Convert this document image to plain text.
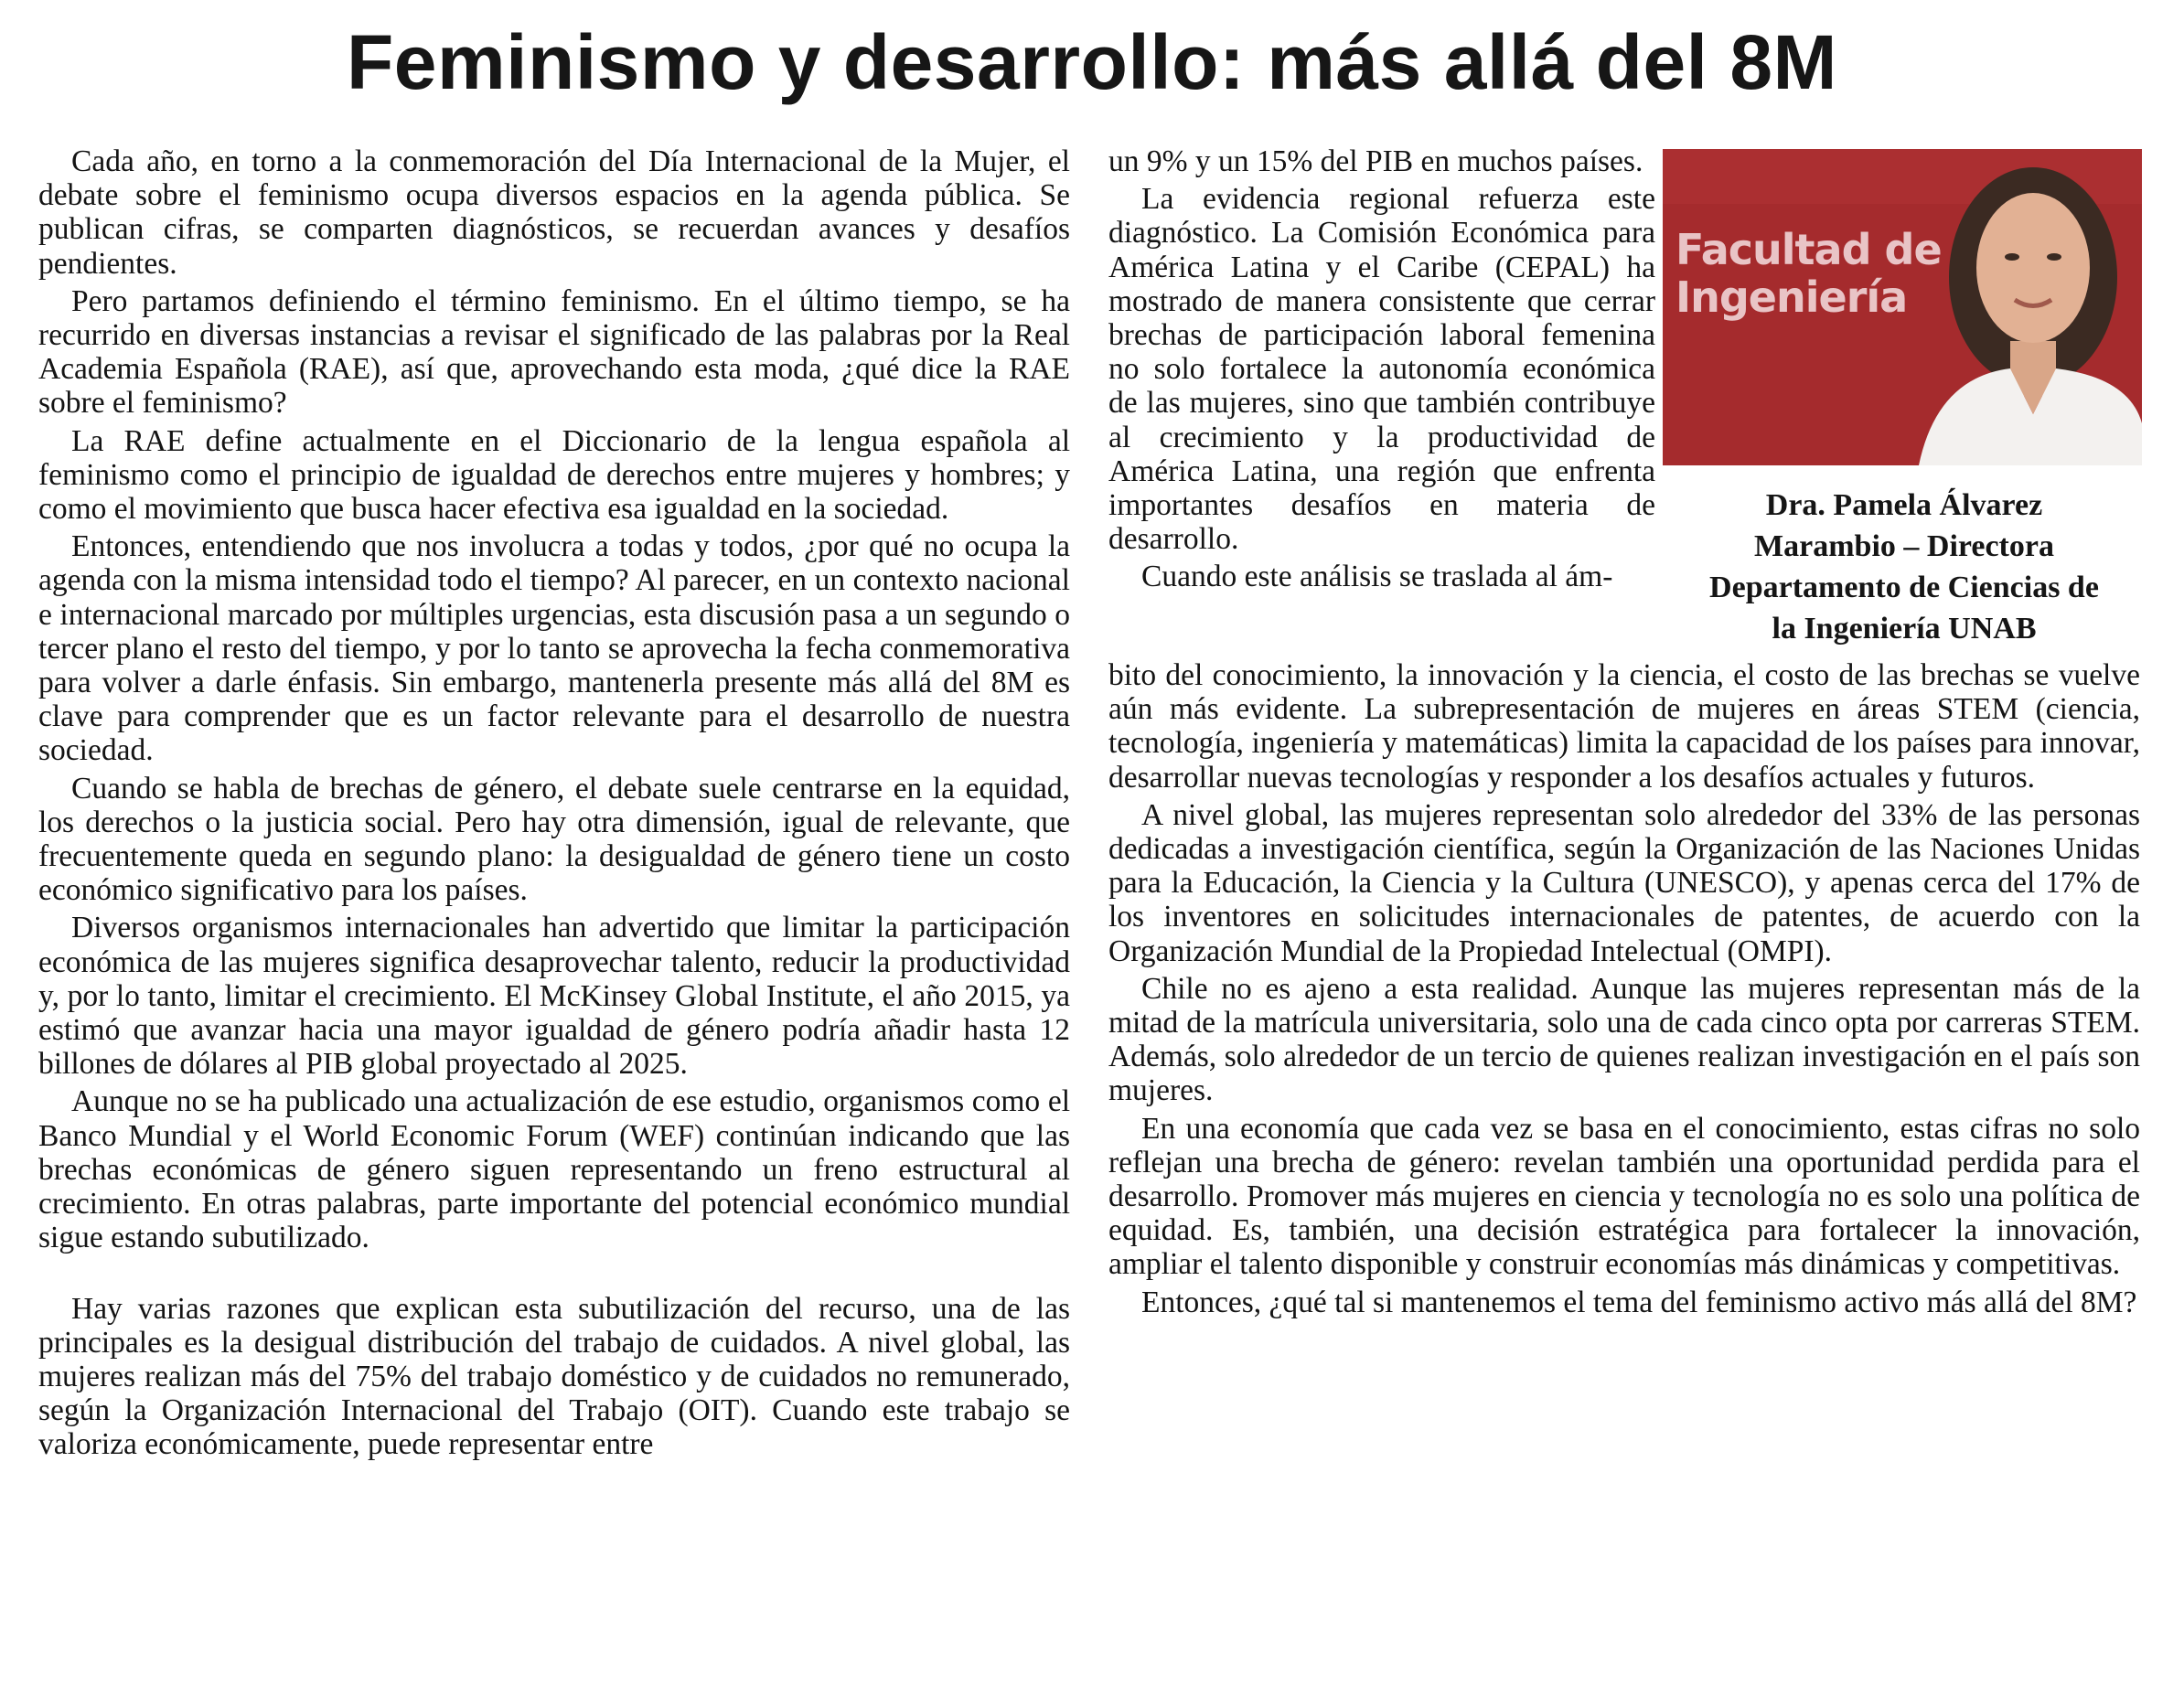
Feminismo y desarrollo: más allá del 8M

Cada año, en torno a la conmemoración del Día Internacional de la Mujer, el debate sobre el feminismo ocupa diversos espacios en la agenda pública. Se publican cifras, se comparten diagnósticos, se recuerdan avances y desafíos pendientes.

Pero partamos definiendo el término feminismo. En el último tiempo, se ha recurrido en diversas instancias a revisar el significado de las palabras por la Real Academia Española (RAE), así que, aprovechando esta moda, ¿qué dice la RAE sobre el feminismo?

La RAE define actualmente en el Diccionario de la lengua española al feminismo como el principio de igualdad de derechos entre mujeres y hombres; y como el movimiento que busca hacer efectiva esa igualdad en la sociedad.

Entonces, entendiendo que nos involucra a todas y todos, ¿por qué no ocupa la agenda con la misma intensidad todo el tiempo? Al parecer, en un contexto nacional e internacional marcado por múltiples urgencias, esta discusión pasa a un segundo o tercer plano el resto del tiempo, y por lo tanto se aprovecha la fecha conmemorativa para volver a darle énfasis. Sin embargo, mantenerla presente más allá del 8M es clave para comprender que es un factor relevante para el desarrollo de nuestra sociedad.

Cuando se habla de brechas de género, el debate suele centrarse en la equidad, los derechos o la justicia social. Pero hay otra dimensión, igual de relevante, que frecuentemente queda en segundo plano: la desigualdad de género tiene un costo económico significativo para los países.

Diversos organismos internacionales han advertido que limitar la participación económica de las mujeres significa desaprovechar talento, reducir la productividad y, por lo tanto, limitar el crecimiento. El McKinsey Global Institute, el año 2015, ya estimó que avanzar hacia una mayor igualdad de género podría añadir hasta 12 billones de dólares al PIB global proyectado al 2025.

Aunque no se ha publicado una actualización de ese estudio, organismos como el Banco Mundial y el World Economic Forum (WEF) continúan indicando que las brechas económicas de género siguen representando un freno estructural al crecimiento. En otras palabras, parte importante del potencial económico mundial sigue estando subutilizado.

Hay varias razones que explican esta subutilización del recurso, una de las principales es la desigual distribución del trabajo de cuidados. A nivel global, las mujeres realizan más del 75% del trabajo doméstico y de cuidados no remunerado, según la Organización Internacional del Trabajo (OIT). Cuando este trabajo se valoriza económicamente, puede representar entre

un 9% y un 15% del PIB en muchos países.

La evidencia regional refuerza este diagnóstico. La Comisión Económica para América Latina y el Caribe (CEPAL) ha mostrado de manera consistente que cerrar brechas de participación laboral femenina no solo fortalece la autonomía económica de las mujeres, sino que también contribuye al crecimiento y la productividad de América Latina, una región que enfrenta importantes desafíos en materia de desarrollo.

Cuando este análisis se traslada al ám-

Facultad de
Ingeniería
Dra. Pamela Álvarez
Marambio – Directora
Departamento de Ciencias de
la Ingeniería UNAB

bito del conocimiento, la innovación y la ciencia, el costo de las brechas se vuelve aún más evidente. La subrepresentación de mujeres en áreas STEM (ciencia, tecnología, ingeniería y matemáticas) limita la capacidad de los países para innovar, desarrollar nuevas tecnologías y responder a los desafíos actuales y futuros.

A nivel global, las mujeres representan solo alrededor del 33% de las personas dedicadas a investigación científica, según la Organización de las Naciones Unidas para la Educación, la Ciencia y la Cultura (UNESCO), y apenas cerca del 17% de los inventores en solicitudes internacionales de patentes, de acuerdo con la Organización Mundial de la Propiedad Intelectual (OMPI).

Chile no es ajeno a esta realidad. Aunque las mujeres representan más de la mitad de la matrícula universitaria, solo una de cada cinco opta por carreras STEM. Además, solo alrededor de un tercio de quienes realizan investigación en el país son mujeres.

En una economía que cada vez se basa en el conocimiento, estas cifras no solo reflejan una brecha de género: revelan también una oportunidad perdida para el desarrollo. Promover más mujeres en ciencia y tecnología no es solo una política de equidad. Es, también, una decisión estratégica para fortalecer la innovación, ampliar el talento disponible y construir economías más dinámicas y competitivas.

Entonces, ¿qué tal si mantenemos el tema del feminismo activo más allá del 8M?
